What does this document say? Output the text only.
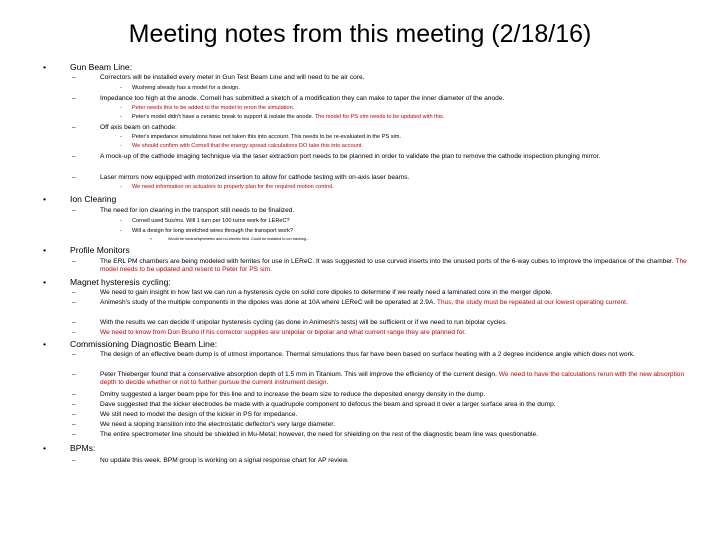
Meeting notes from this meeting (2/18/16)
•	Gun Beam Line:
–	Correctors will be installed every meter in Gun Test Beam Line and will need to be air core.
- Wusheng already has a model for a design.
–	Impedance too high at the anode. Cornell has submitted a sketch of a modification they can make to taper the inner diameter of the anode.
- Peter needs this to be added to the model to rerun the simulation.
- Peter's model didn't have a ceramic break to support & isolate the anode. The model for PS sim needs to be updated with this.
–	Off axis beam on cathode:
- Peter's impedance simulations have not taken this into account. This needs to be re-evaluated in the PS sim.
- We should confirm with Cornell that the energy spread calculations DO take this into account.
–	A mock-up of the cathode imaging technique via the laser extraction port needs to be planned in order to validate the plan to remove the cathode inspection plunging mirror.
–	Laser mirrors now equipped with motorized insertion to allow for cathode testing with on-axis laser beams.
- We need information on actuators to properly plan for the required motion control.
•	Ion Clearing
–	The need for ion clearing in the transport still needs to be finalized.
- Cornell used 5us/ms. Will 1 turn per 100 turns work for LEReC?
- Will a design for long stretched wires through the transport work?
»	Would be neutral/symmetric and no-electric field. Could be installed to ion tracking...
•	Profile Monitors
–	The ERL PM chambers are being modeled with ferrites for use in LEReC. It was suggested to use curved inserts into the unused ports of the 6-way cubes to improve the impedance of the chamber. The model needs to be updated and resent to Peter for PS sim.
•	Magnet hysteresis cycling:
–	We need to gain insight in how fast we can run a hysteresis cycle on solid core dipoles to determine if we really need a laminated core in the merger dipole.
–	Animesh's study of the multiple components in the dipoles was done at 10A where LEReC will be operated at 2.9A. Thus, the study must be repeated at our lowest operating current.
–	With the results we can decide if unipolar hysteresis cycling (as done in Animesh's tests) will be sufficient or if we need to run bipolar cycles.
–	We need to know from Don Bruno if his corrector supplies are unipolar or bipolar and what current range they are planned for.
•	Commissioning Diagnostic Beam Line:
–	The design of an effective beam dump is of utmost importance. Thermal simulations thus far have been based on surface heating with a 2 degree incidence angle which does not work.
–	Peter Thieberger found that a conservative absorption depth of 1.5 mm in Titanium. This will improve the efficiency of the current design. We need to have the calculations rerun with the new absorption depth to decide whether or not to further pursue the current instrument design.
–	Dmitry suggested a larger beam pipe for this line and to increase the beam size to reduce the deposited energy density in the dump.
–	Dave suggested that the kicker electrodes be made with a quadrupole component to defocus the beam and spread it over a larger surface area in the dump.
–	We still need to model the design of the kicker in PS for impedance.
–	We need a sloping transition into the electrostatic deflector's very large diameter.
–	The entire spectrometer line should be shielded in Mu-Metal; however, the need for shielding on the rest of the diagnostic beam line was questionable.
•	BPMs:
–	No update this week. BPM group is working on a signal response chart for AP review.
